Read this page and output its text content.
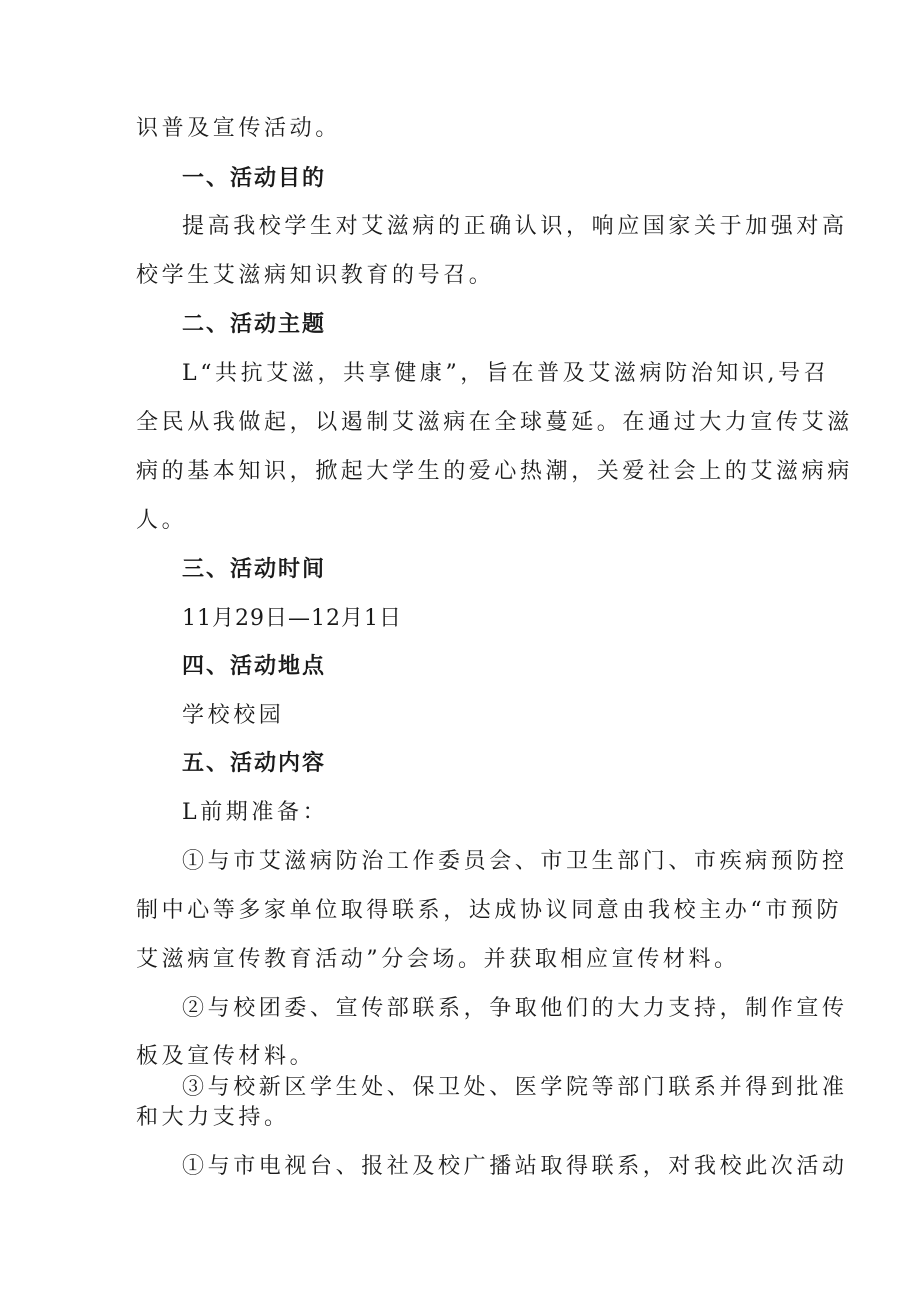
识普及宣传活动。
一、活动目的
提高我校学生对艾滋病的正确认识，响应国家关于加强对高
校学生艾滋病知识教育的号召。
二、活动主题
L“共抗艾滋，共享健康”，旨在普及艾滋病防治知识,号召
全民从我做起，以遏制艾滋病在全球蔓延。在通过大力宣传艾滋
病的基本知识，掀起大学生的爱心热潮，关爱社会上的艾滋病病
人。
三、活动时间
11月29日—12月1日
四、活动地点
学校校园
五、活动内容
L前期准备：
①与市艾滋病防治工作委员会、市卫生部门、市疾病预防控
制中心等多家单位取得联系，达成协议同意由我校主办“市预防
艾滋病宣传教育活动”分会场。并获取相应宣传材料。
②与校团委、宣传部联系，争取他们的大力支持，制作宣传
板及宣传材料。
③与校新区学生处、保卫处、医学院等部门联系并得到批准
和大力支持。
①与市电视台、报社及校广播站取得联系，对我校此次活动
